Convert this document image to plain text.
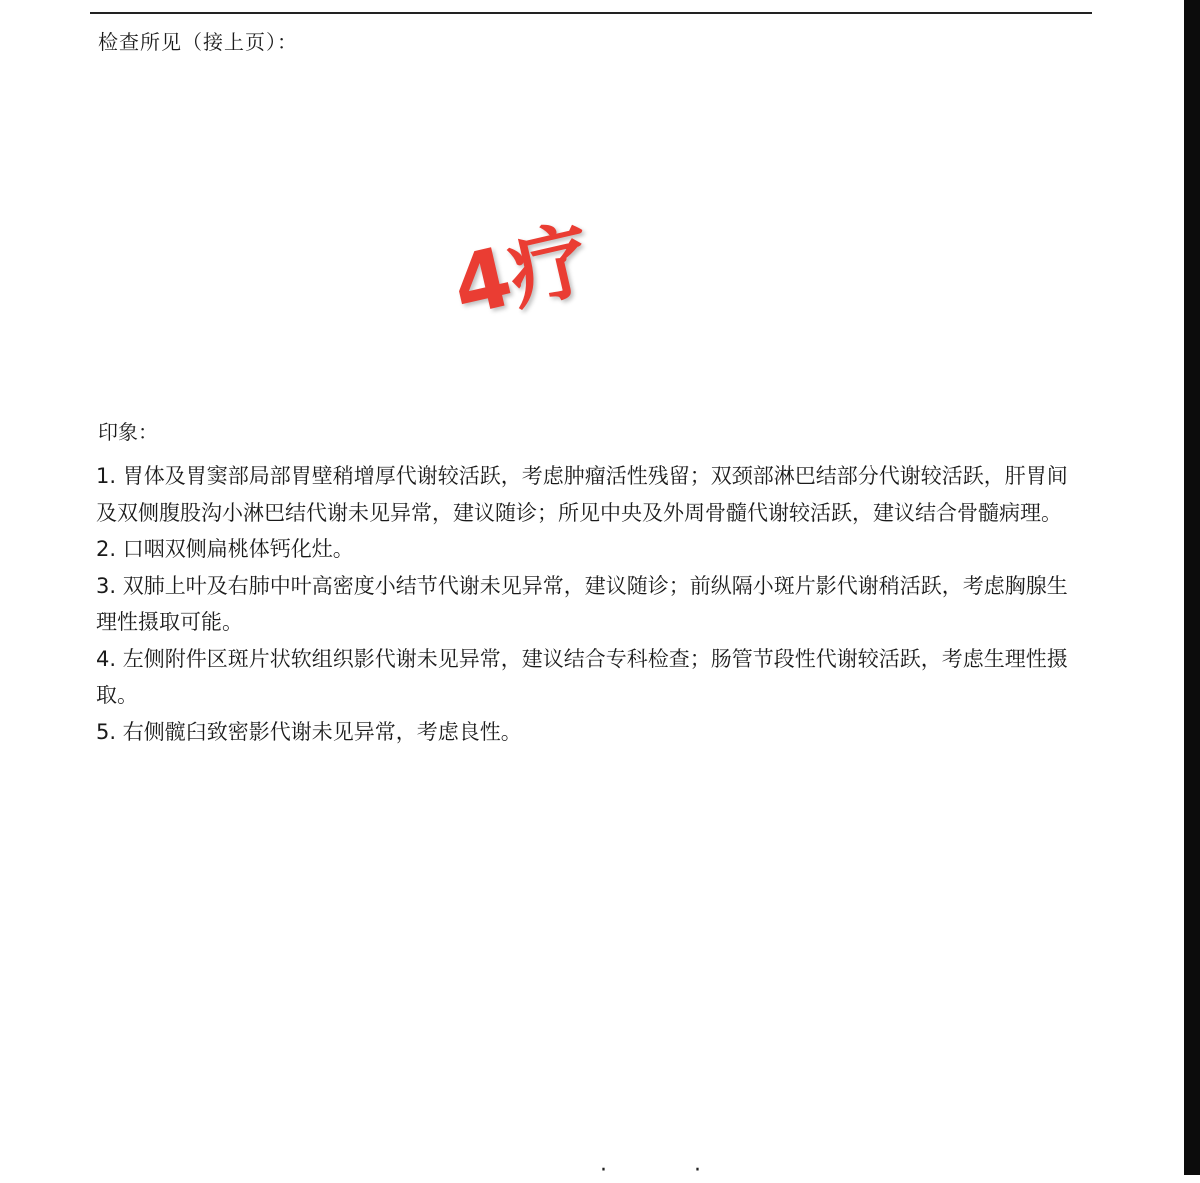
检查所见（接上页）：
4疗
印象：

1. 胃体及胃窦部局部胃壁稍增厚代谢较活跃，考虑肿瘤活性残留；双颈部淋巴结部分代谢较活跃，肝胃间及双侧腹股沟小淋巴结代谢未见异常，建议随诊；所见中央及外周骨髓代谢较活跃，建议结合骨髓病理。

2. 口咽双侧扁桃体钙化灶。

3. 双肺上叶及右肺中叶高密度小结节代谢未见异常，建议随诊；前纵隔小斑片影代谢稍活跃，考虑胸腺生理性摄取可能。

4. 左侧附件区斑片状软组织影代谢未见异常，建议结合专科检查；肠管节段性代谢较活跃，考虑生理性摄取。

5. 右侧髋臼致密影代谢未见异常，考虑良性。

· ·
